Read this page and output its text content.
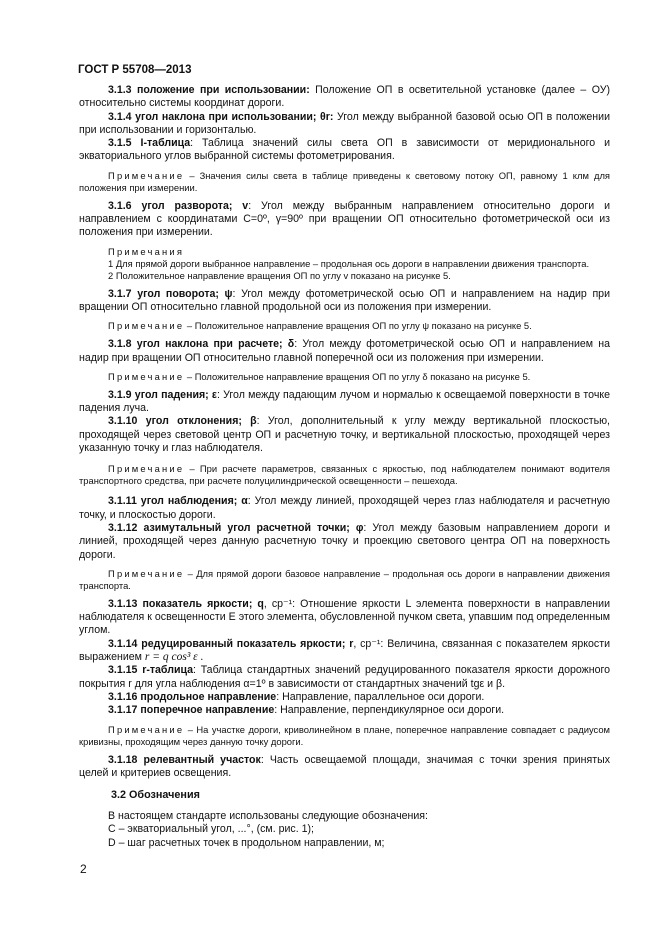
ГОСТ Р 55708—2013

3.1.3 положение при использовании: Положение ОП в осветительной установке (далее – ОУ) относительно системы координат дороги.

3.1.4 угол наклона при использовании; θr: Угол между выбранной базовой осью ОП в положении при использовании и горизонталью.

3.1.5 I-таблица: Таблица значений силы света ОП в зависимости от меридионального и экваториального углов выбранной системы фотометрирования.

Примечание – Значения силы света в таблице приведены к световому потоку ОП, равному 1 клм для положения при измерении.

3.1.6 угол разворота; v: Угол между выбранным направлением относительно дороги и направлением с координатами C=0º, γ=90º при вращении ОП относительно фотометрической оси из положения при измерении.

Примечания

1 Для прямой дороги выбранное направление – продольная ось дороги в направлении движения транспорта.

2 Положительное направление вращения ОП по углу v показано на рисунке 5.

3.1.7 угол поворота; ψ: Угол между фотометрической осью ОП и направлением на надир при вращении ОП относительно главной продольной оси из положения при измерении.

Примечание – Положительное направление вращения ОП по углу ψ показано на рисунке 5.

3.1.8 угол наклона при расчете; δ: Угол между фотометрической осью ОП и направлением на надир при вращении ОП относительно главной поперечной оси из положения при измерении.

Примечание – Положительное направление вращения ОП по углу δ показано на рисунке 5.

3.1.9 угол падения; ε: Угол между падающим лучом и нормалью к освещаемой поверхности в точке падения луча.

3.1.10 угол отклонения; β: Угол, дополнительный к углу между вертикальной плоскостью, проходящей через световой центр ОП и расчетную точку, и вертикальной плоскостью, проходящей через указанную точку и глаз наблюдателя.

Примечание – При расчете параметров, связанных с яркостью, под наблюдателем понимают водителя транспортного средства, при расчете полуцилиндрической освещенности – пешехода.

3.1.11 угол наблюдения; α: Угол между линией, проходящей через глаз наблюдателя и расчетную точку, и плоскостью дороги.

3.1.12 азимутальный угол расчетной точки; φ: Угол между базовым направлением дороги и линией, проходящей через данную расчетную точку и проекцию светового центра ОП на поверхность дороги.

Примечание – Для прямой дороги базовое направление – продольная ось дороги в направлении движения транспорта.

3.1.13 показатель яркости; q, ср⁻¹: Отношение яркости L элемента поверхности в направлении наблюдателя к освещенности E этого элемента, обусловленной пучком света, упавшим под определенным углом.

3.1.14 редуцированный показатель яркости; r, ср⁻¹: Величина, связанная с показателем яркости выражением r = q cos³ ε .

3.1.15 r-таблица: Таблица стандартных значений редуцированного показателя яркости дорожного покрытия r для угла наблюдения α=1º в зависимости от стандартных значений tgε и β.

3.1.16 продольное направление: Направление, параллельное оси дороги.

3.1.17 поперечное направление: Направление, перпендикулярное оси дороги.

Примечание – На участке дороги, криволинейном в плане, поперечное направление совпадает с радиусом кривизны, проходящим через данную точку дороги.

3.1.18 релевантный участок: Часть освещаемой площади, значимая с точки зрения принятых целей и критериев освещения.

3.2 Обозначения

В настоящем стандарте использованы следующие обозначения:

C – экваториальный угол, ...°, (см. рис. 1);

D – шаг расчетных точек в продольном направлении, м;

2
